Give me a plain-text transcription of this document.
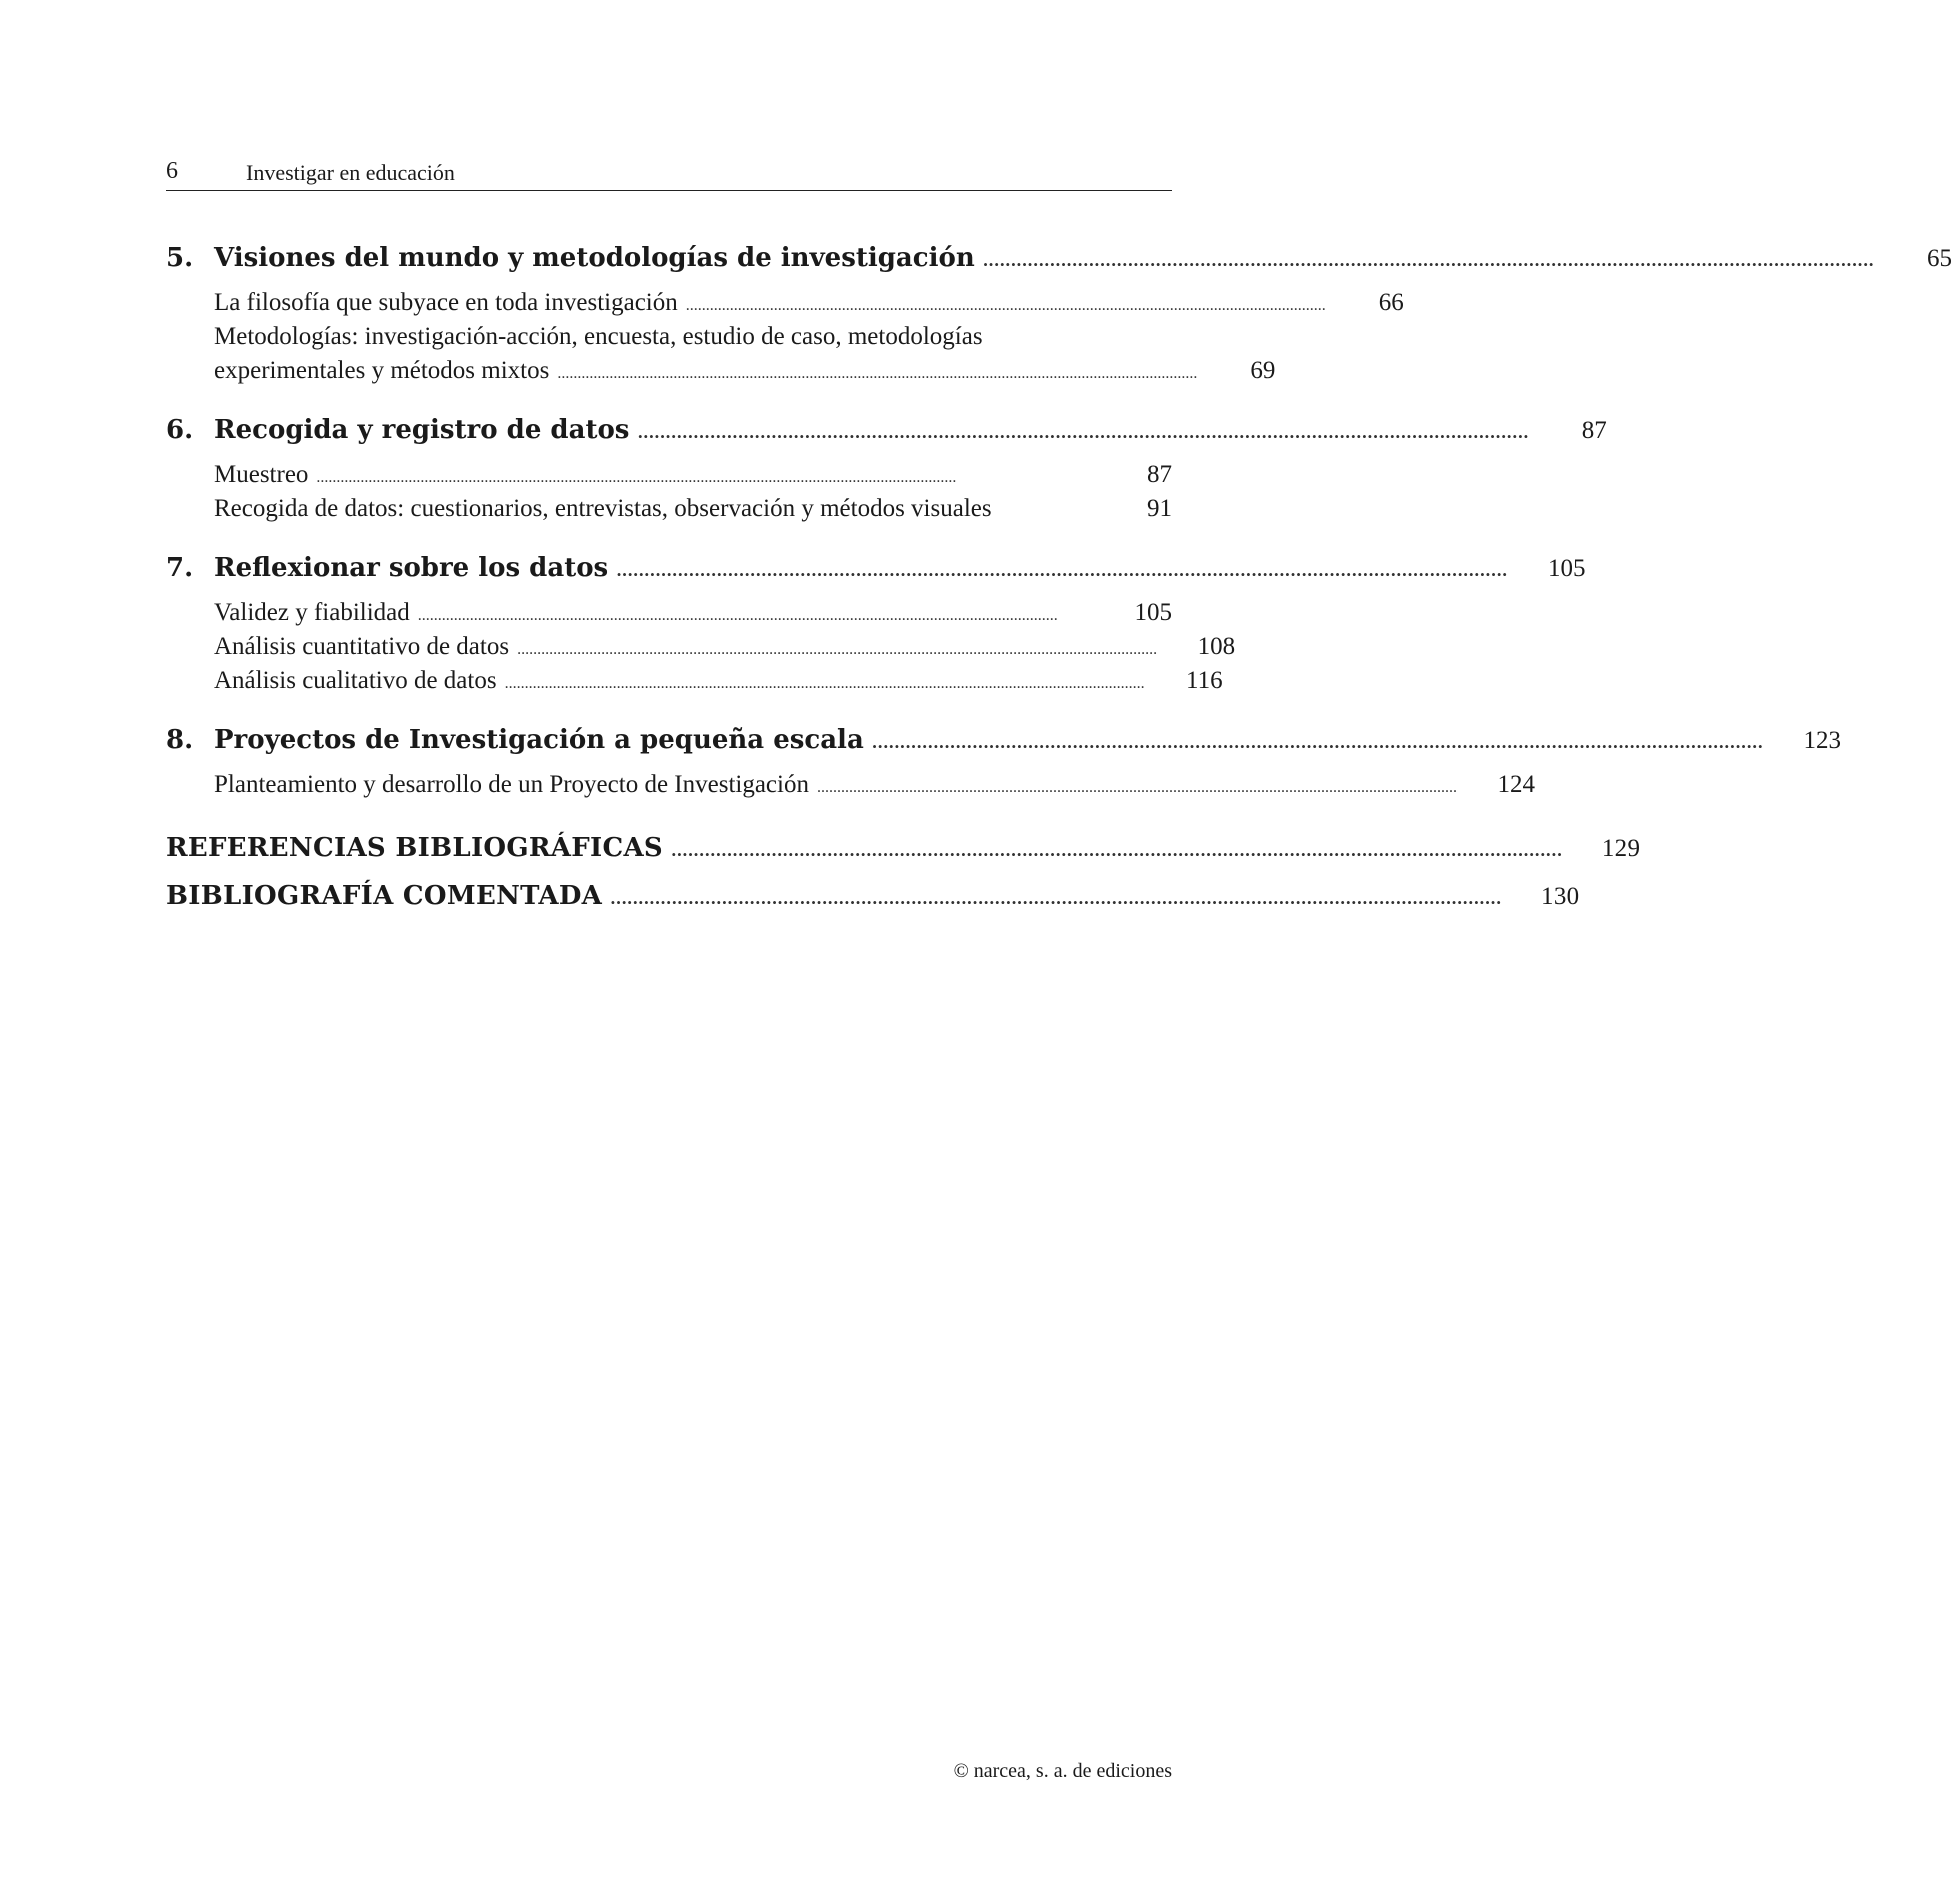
6	Investigar en educación
5. Visiones del mundo y metodologías de investigación ................................................................................................................................................................	65
La filosofía que subyace en toda investigación ................................................................................................................................................................	66
Metodologías: investigación-acción, encuesta, estudio de caso, metodologías
experimentales y métodos mixtos ................................................................................................................................................................	69
6. Recogida y registro de datos ................................................................................................................................................................	87
Muestreo ................................................................................................................................................................	87
Recogida de datos: cuestionarios, entrevistas, observación y métodos visuales	91
7. Reflexionar sobre los datos ................................................................................................................................................................	105
Validez y fiabilidad ................................................................................................................................................................	105
Análisis cuantitativo de datos ................................................................................................................................................................	108
Análisis cualitativo de datos ................................................................................................................................................................	116
8. Proyectos de Investigación a pequeña escala ................................................................................................................................................................	123
Planteamiento y desarrollo de un Proyecto de Investigación ................................................................................................................................................................	124
REFERENCIAS BIBLIOGRÁFICAS ................................................................................................................................................................	129
BIBLIOGRAFÍA COMENTADA ................................................................................................................................................................	130
© narcea, s. a. de ediciones
